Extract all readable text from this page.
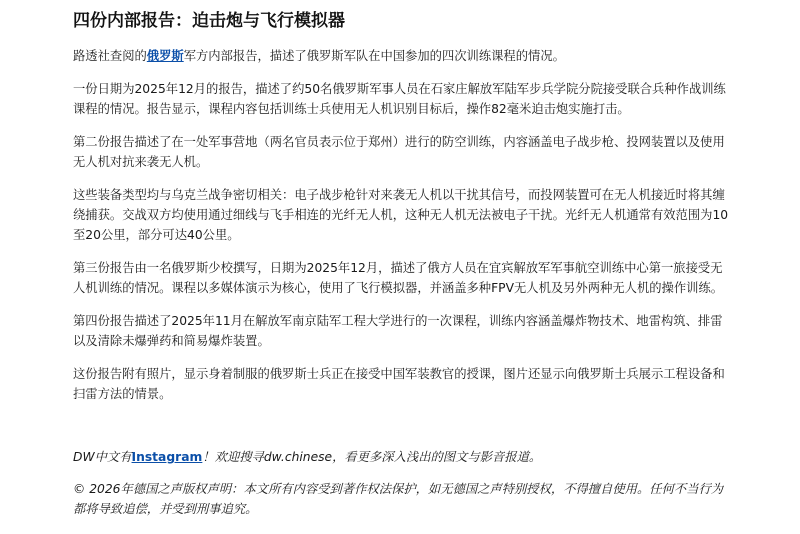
四份内部报告：迫击炮与飞行模拟器

路透社查阅的俄罗斯军方内部报告，描述了俄罗斯军队在中国参加的四次训练课程的情况。

一份日期为2025年12月的报告，描述了约50名俄罗斯军事人员在石家庄解放军陆军步兵学院分院接受联合兵种作战训练课程的情况。报告显示，课程内容包括训练士兵使用无人机识别目标后，操作82毫米迫击炮实施打击。

第二份报告描述了在一处军事营地（两名官员表示位于郑州）进行的防空训练，内容涵盖电子战步枪、投网装置以及使用无人机对抗来袭无人机。

这些装备类型均与乌克兰战争密切相关：电子战步枪针对来袭无人机以干扰其信号，而投网装置可在无人机接近时将其缠绕捕获。交战双方均使用通过细线与飞手相连的光纤无人机，这种无人机无法被电子干扰。光纤无人机通常有效范围为10至20公里，部分可达40公里。

第三份报告由一名俄罗斯少校撰写，日期为2025年12月，描述了俄方人员在宜宾解放军军事航空训练中心第一旅接受无人机训练的情况。课程以多媒体演示为核心，使用了飞行模拟器，并涵盖多种FPV无人机及另外两种无人机的操作训练。

第四份报告描述了2025年11月在解放军南京陆军工程大学进行的一次课程，训练内容涵盖爆炸物技术、地雷构筑、排雷以及清除未爆弹药和简易爆炸装置。

这份报告附有照片，显示身着制服的俄罗斯士兵正在接受中国军装教官的授课，图片还显示向俄罗斯士兵展示工程设备和扫雷方法的情景。

DW中文有Instagram！欢迎搜寻dw.chinese，看更多深入浅出的图文与影音报道。

© 2026年德国之声版权声明：本文所有内容受到著作权法保护，如无德国之声特别授权，不得擅自使用。任何不当行为都将导致追偿，并受到刑事追究。
